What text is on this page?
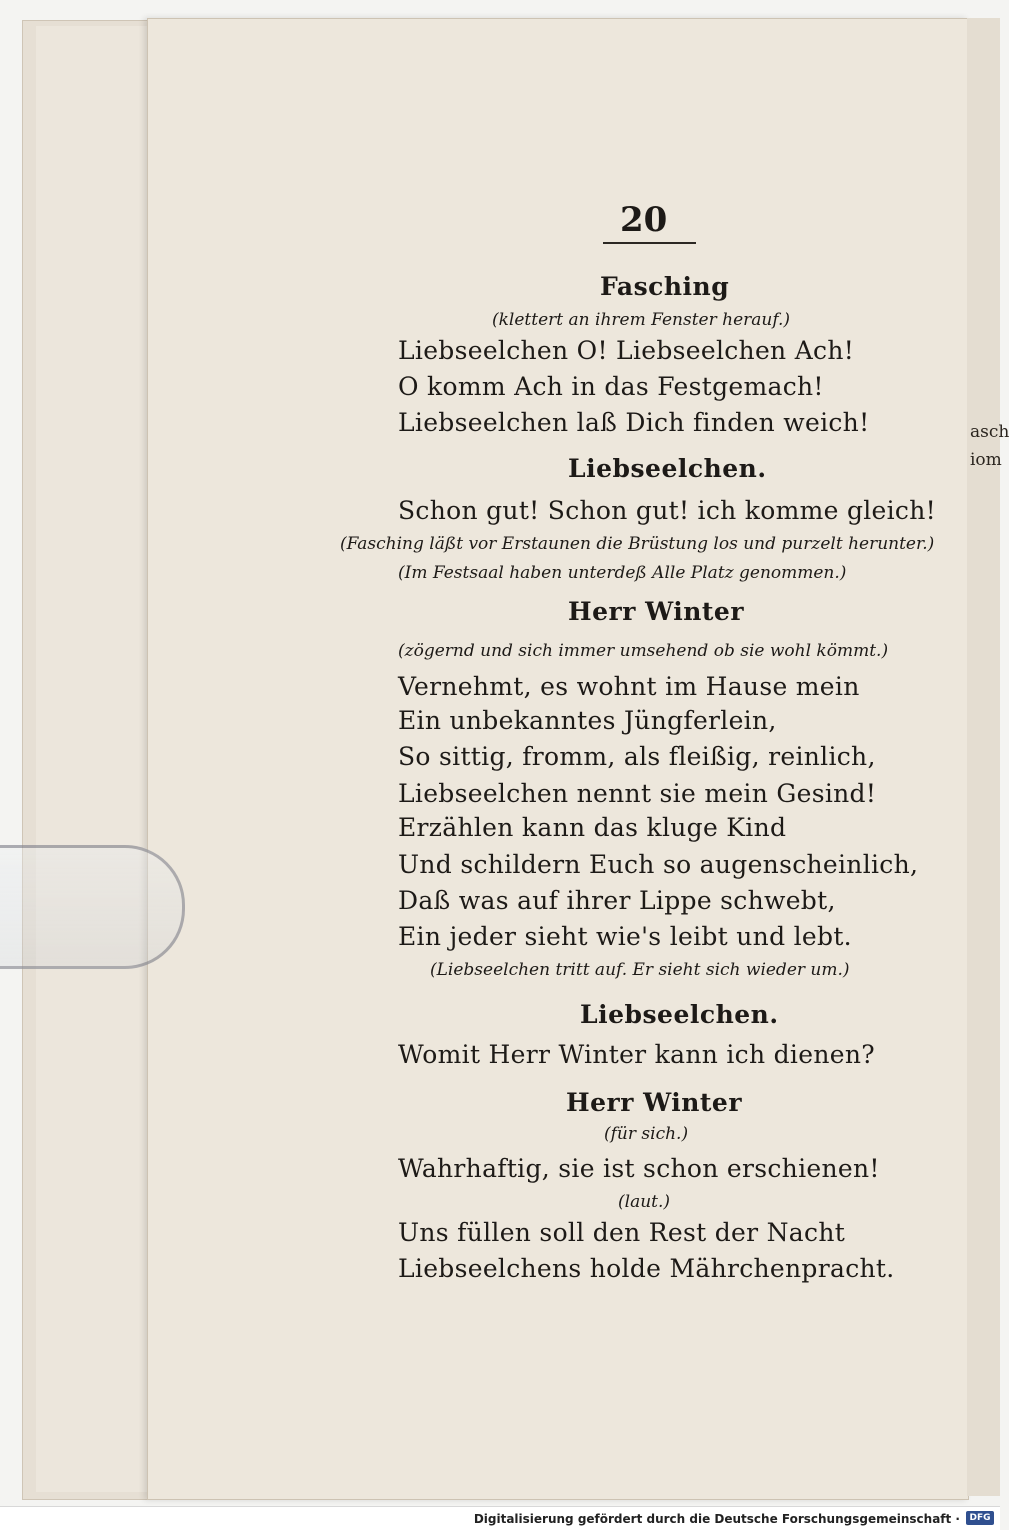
asch
iom
20
Fasching
(klettert an ihrem Fenster herauf.)
Liebseelchen O! Liebseelchen Ach!
O komm Ach in das Festgemach!
Liebseelchen laß Dich finden weich!
Liebseelchen.
Schon gut! Schon gut! ich komme gleich!
(Fasching läßt vor Erstaunen die Brüstung los und purzelt herunter.)
(Im Festsaal haben unterdeß Alle Platz genommen.)
Herr Winter
(zögernd und sich immer umsehend ob sie wohl kömmt.)
Vernehmt, es wohnt im Hause mein
Ein unbekanntes Jüngferlein,
So sittig, fromm, als fleißig, reinlich,
Liebseelchen nennt sie mein Gesind!
Erzählen kann das kluge Kind
Und schildern Euch so augenscheinlich,
Daß was auf ihrer Lippe schwebt,
Ein jeder sieht wie's leibt und lebt.
(Liebseelchen tritt auf. Er sieht sich wieder um.)
Liebseelchen.
Womit Herr Winter kann ich dienen?
Herr Winter
(für sich.)
Wahrhaftig, sie ist schon erschienen!
(laut.)
Uns füllen soll den Rest der Nacht
Liebseelchens holde Mährchenpracht.
Digitalisierung gefördert durch die Deutsche Forschungsgemeinschaft ·	DFG
